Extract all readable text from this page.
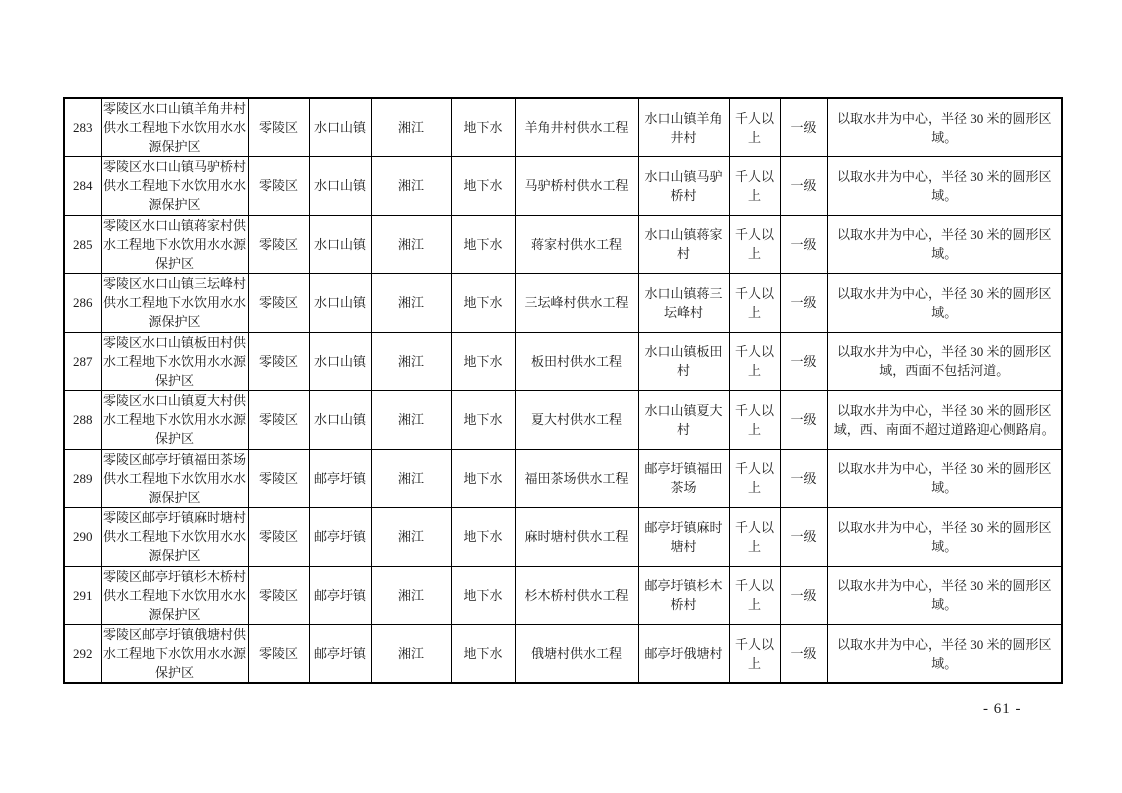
283	零陵区水口山镇羊角井村供水工程地下水饮用水水源保护区	零陵区	水口山镇	湘江	地下水	羊角井村供水工程	水口山镇羊角井村	千人以上	一级	以取水井为中心，半径 30 米的圆形区域。
284	零陵区水口山镇马驴桥村供水工程地下水饮用水水源保护区	零陵区	水口山镇	湘江	地下水	马驴桥村供水工程	水口山镇马驴桥村	千人以上	一级	以取水井为中心，半径 30 米的圆形区域。
285	零陵区水口山镇蒋家村供水工程地下水饮用水水源保护区	零陵区	水口山镇	湘江	地下水	蒋家村供水工程	水口山镇蒋家村	千人以上	一级	以取水井为中心，半径 30 米的圆形区域。
286	零陵区水口山镇三坛峰村供水工程地下水饮用水水源保护区	零陵区	水口山镇	湘江	地下水	三坛峰村供水工程	水口山镇蒋三坛峰村	千人以上	一级	以取水井为中心，半径 30 米的圆形区域。
287	零陵区水口山镇板田村供水工程地下水饮用水水源保护区	零陵区	水口山镇	湘江	地下水	板田村供水工程	水口山镇板田村	千人以上	一级	以取水井为中心，半径 30 米的圆形区域，西面不包括河道。
288	零陵区水口山镇夏大村供水工程地下水饮用水水源保护区	零陵区	水口山镇	湘江	地下水	夏大村供水工程	水口山镇夏大村	千人以上	一级	以取水井为中心，半径 30 米的圆形区域，西、南面不超过道路迎心侧路肩。
289	零陵区邮亭圩镇福田茶场供水工程地下水饮用水水源保护区	零陵区	邮亭圩镇	湘江	地下水	福田茶场供水工程	邮亭圩镇福田茶场	千人以上	一级	以取水井为中心，半径 30 米的圆形区域。
290	零陵区邮亭圩镇麻时塘村供水工程地下水饮用水水源保护区	零陵区	邮亭圩镇	湘江	地下水	麻时塘村供水工程	邮亭圩镇麻时塘村	千人以上	一级	以取水井为中心，半径 30 米的圆形区域。
291	零陵区邮亭圩镇杉木桥村供水工程地下水饮用水水源保护区	零陵区	邮亭圩镇	湘江	地下水	杉木桥村供水工程	邮亭圩镇杉木桥村	千人以上	一级	以取水井为中心，半径 30 米的圆形区域。
292	零陵区邮亭圩镇俄塘村供水工程地下水饮用水水源保护区	零陵区	邮亭圩镇	湘江	地下水	俄塘村供水工程	邮亭圩俄塘村	千人以上	一级	以取水井为中心，半径 30 米的圆形区域。
- 61 -
